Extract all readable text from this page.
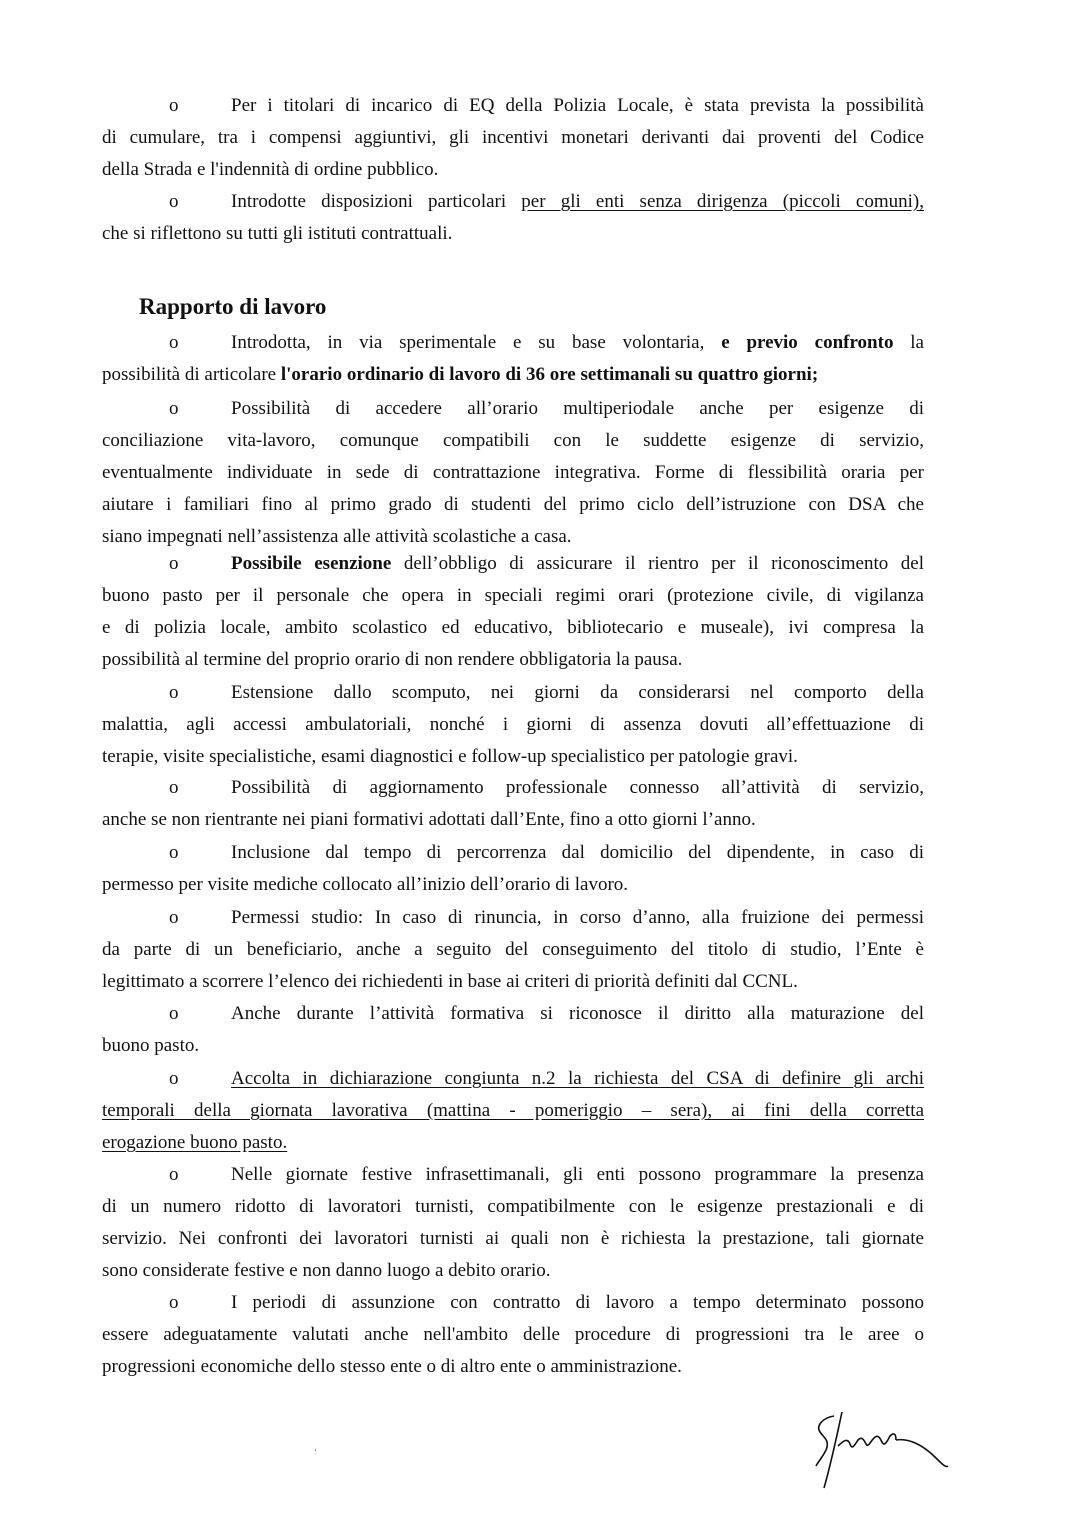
o	Per i titolari di incarico di EQ della Polizia Locale, è stata prevista la possibilità
di cumulare, tra i compensi aggiuntivi, gli incentivi monetari derivanti dai proventi del Codice
della Strada e l'indennità di ordine pubblico.
o	Introdotte disposizioni particolari per gli enti senza dirigenza (piccoli comuni),
che si riflettono su tutti gli istituti contrattuali.
Rapporto di lavoro
o	Introdotta, in via sperimentale e su base volontaria, e previo confronto la
possibilità di articolare l'orario ordinario di lavoro di 36 ore settimanali su quattro giorni;
o	Possibilità di accedere all’orario multiperiodale anche per esigenze di
conciliazione vita-lavoro, comunque compatibili con le suddette esigenze di servizio,
eventualmente individuate in sede di contrattazione integrativa. Forme di flessibilità oraria per
aiutare i familiari fino al primo grado di studenti del primo ciclo dell’istruzione con DSA che
siano impegnati nell’assistenza alle attività scolastiche a casa.
o	Possibile esenzione dell’obbligo di assicurare il rientro per il riconoscimento del
buono pasto per il personale che opera in speciali regimi orari (protezione civile, di vigilanza
e di polizia locale, ambito scolastico ed educativo, bibliotecario e museale), ivi compresa la
possibilità al termine del proprio orario di non rendere obbligatoria la pausa.
o	Estensione dallo scomputo, nei giorni da considerarsi nel comporto della
malattia, agli accessi ambulatoriali, nonché i giorni di assenza dovuti all’effettuazione di
terapie, visite specialistiche, esami diagnostici e follow-up specialistico per patologie gravi.
o	Possibilità di aggiornamento professionale connesso all’attività di servizio,
anche se non rientrante nei piani formativi adottati dall’Ente, fino a otto giorni l’anno.
o	Inclusione dal tempo di percorrenza dal domicilio del dipendente, in caso di
permesso per visite mediche collocato all’inizio dell’orario di lavoro.
o	Permessi studio: In caso di rinuncia, in corso d’anno, alla fruizione dei permessi
da parte di un beneficiario, anche a seguito del conseguimento del titolo di studio, l’Ente è
legittimato a scorrere l’elenco dei richiedenti in base ai criteri di priorità definiti dal CCNL.
o	Anche durante l’attività formativa si riconosce il diritto alla maturazione del
buono pasto.
o	Accolta in dichiarazione congiunta n.2 la richiesta del CSA di definire gli archi
temporali della giornata lavorativa (mattina - pomeriggio – sera), ai fini della corretta
erogazione buono pasto.
o	Nelle giornate festive infrasettimanali, gli enti possono programmare la presenza
di un numero ridotto di lavoratori turnisti, compatibilmente con le esigenze prestazionali e di
servizio. Nei confronti dei lavoratori turnisti ai quali non è richiesta la prestazione, tali giornate
sono considerate festive e non danno luogo a debito orario.
o	I periodi di assunzione con contratto di lavoro a tempo determinato possono
essere adeguatamente valutati anche nell'ambito delle procedure di progressioni tra le aree o
progressioni economiche dello stesso ente o di altro ente o amministrazione.
‘
